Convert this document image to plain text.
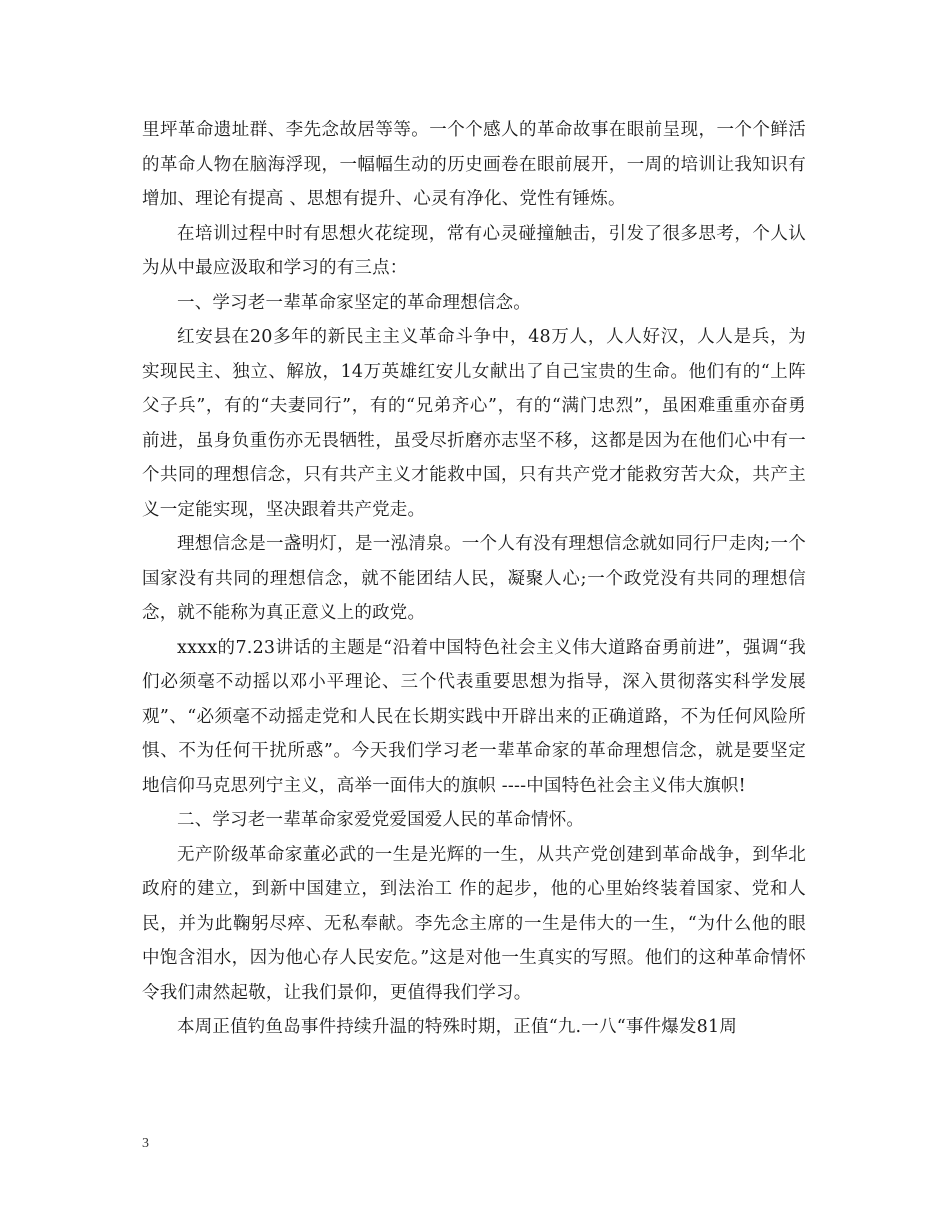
里坪革命遗址群、李先念故居等等。一个个感人的革命故事在眼前呈现，一个个鲜活的革命人物在脑海浮现，一幅幅生动的历史画卷在眼前展开，一周的培训让我知识有增加、理论有提高 、思想有提升、心灵有净化、党性有锤炼。

在培训过程中时有思想火花绽现，常有心灵碰撞触击，引发了很多思考，个人认为从中最应汲取和学习的有三点：

一、学习老一辈革命家坚定的革命理想信念。

红安县在20多年的新民主主义革命斗争中，48万人，人人好汉，人人是兵，为实现民主、独立、解放，14万英雄红安儿女献出了自己宝贵的生命。他们有的“上阵父子兵”，有的“夫妻同行”，有的“兄弟齐心”，有的“满门忠烈”，虽困难重重亦奋勇前进，虽身负重伤亦无畏牺牲，虽受尽折磨亦志坚不移，这都是因为在他们心中有一个共同的理想信念，只有共产主义才能救中国，只有共产党才能救穷苦大众，共产主义一定能实现，坚决跟着共产党走。

理想信念是一盏明灯，是一泓清泉。一个人有没有理想信念就如同行尸走肉;一个国家没有共同的理想信念，就不能团结人民，凝聚人心;一个政党没有共同的理想信念，就不能称为真正意义上的政党。

xxxx的7.23讲话的主题是“沿着中国特色社会主义伟大道路奋勇前进”，强调“我们必须毫不动摇以邓小平理论、三个代表重要思想为指导，深入贯彻落实科学发展观”、“必须毫不动摇走党和人民在长期实践中开辟出来的正确道路，不为任何风险所惧、不为任何干扰所惑”。今天我们学习老一辈革命家的革命理想信念，就是要坚定地信仰马克思列宁主义，高举一面伟大的旗帜 ----中国特色社会主义伟大旗帜!

二、学习老一辈革命家爱党爱国爱人民的革命情怀。

无产阶级革命家董必武的一生是光辉的一生，从共产党创建到革命战争，到华北政府的建立，到新中国建立，到法治工 作的起步，他的心里始终装着国家、党和人民，并为此鞠躬尽瘁、无私奉献。李先念主席的一生是伟大的一生，“为什么他的眼中饱含泪水，因为他心存人民安危。”这是对他一生真实的写照。他们的这种革命情怀令我们肃然起敬，让我们景仰，更值得我们学习。

本周正值钓鱼岛事件持续升温的特殊时期，正值“九.一八“事件爆发81周

3
